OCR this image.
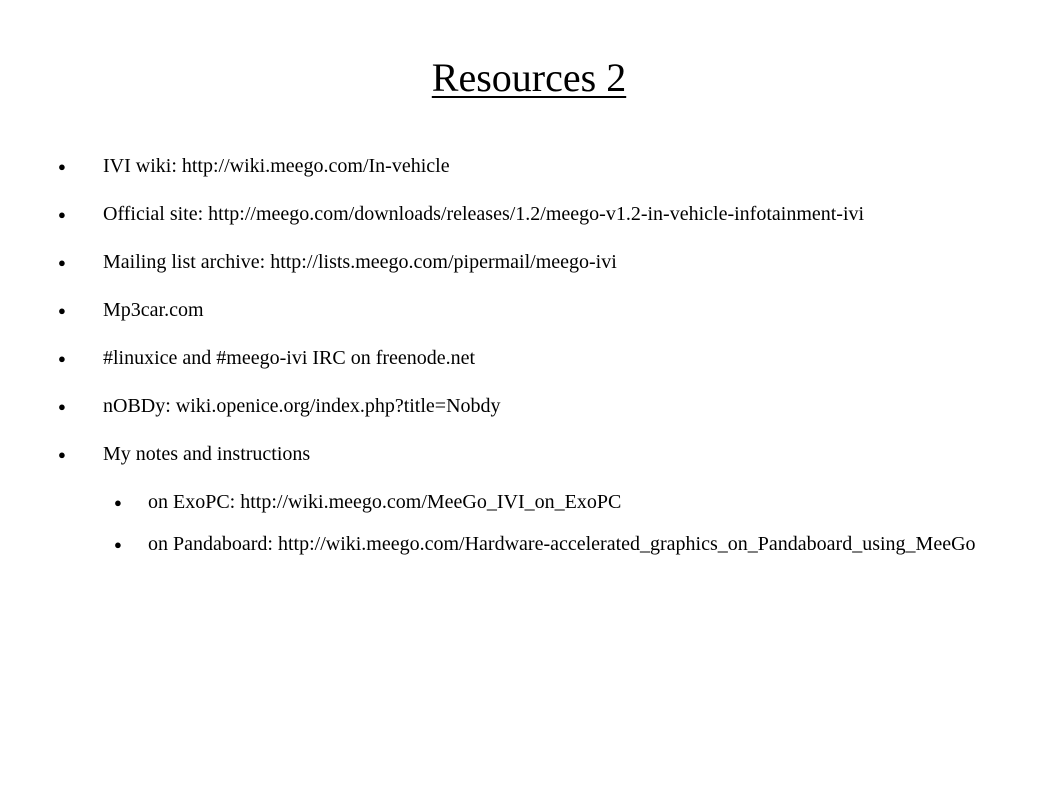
Resources 2
●	IVI wiki: http://wiki.meego.com/In-vehicle
●	Official site: http://meego.com/downloads/releases/1.2/meego-v1.2-in-vehicle-infotainment-ivi
●	Mailing list archive: http://lists.meego.com/pipermail/meego-ivi
●	Mp3car.com
●	#linuxice and #meego-ivi IRC on freenode.net
●	nOBDy: wiki.openice.org/index.php?title=Nobdy
●	My notes and instructions
●	on ExoPC: http://wiki.meego.com/MeeGo_IVI_on_ExoPC
●	on Pandaboard: http://wiki.meego.com/Hardware-accelerated_graphics_on_Pandaboard_using_MeeGo
